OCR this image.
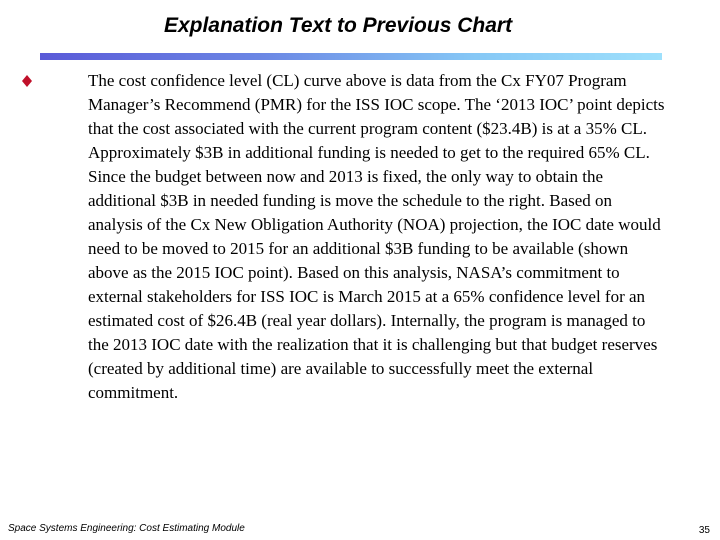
Explanation Text to Previous Chart

The cost confidence level (CL) curve above is data from the Cx FY07 Program Manager’s Recommend (PMR) for the ISS IOC scope. The ‘2013 IOC’ point depicts that the cost associated with the current program content ($23.4B) is at a 35% CL. Approximately $3B in additional funding is needed to get to the required 65% CL. Since the budget between now and 2013 is fixed, the only way to obtain the additional $3B in needed funding is move the schedule to the right. Based on analysis of the Cx New Obligation Authority (NOA) projection, the IOC date would need to be moved to 2015 for an additional $3B funding to be available (shown above as the 2015 IOC point). Based on this analysis, NASA’s commitment to external stakeholders for ISS IOC is March 2015 at a 65% confidence level for an estimated cost of $26.4B (real year dollars). Internally, the program is managed to the 2013 IOC date with the realization that it is challenging but that budget reserves (created by additional time) are available to successfully meet the external commitment.

Space Systems Engineering: Cost Estimating Module	35
